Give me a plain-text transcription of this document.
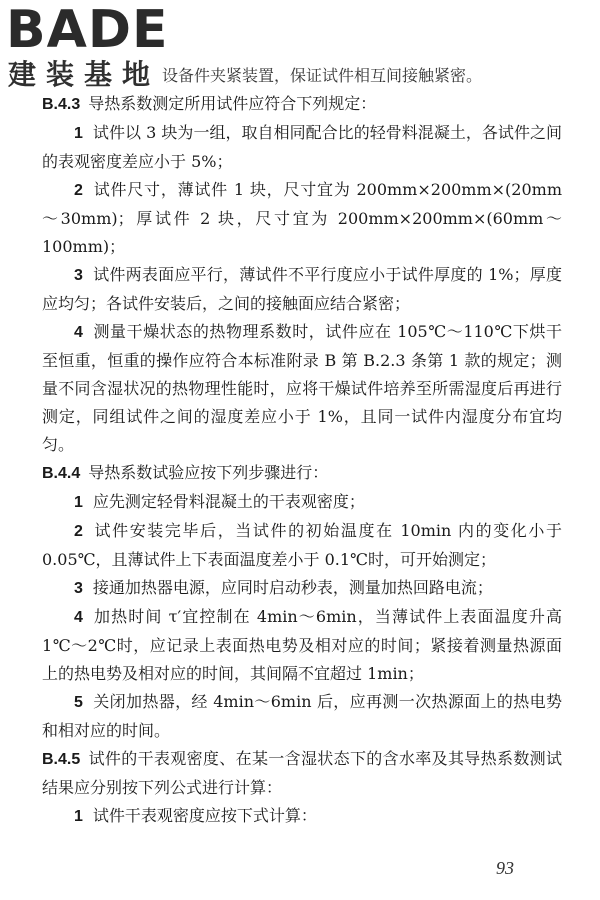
BADE
建装基地 设备件夹紧装置，保证试件相互间接触紧密。

B.4.3 导热系数测定所用试件应符合下列规定：

1 试件以 3 块为一组，取自相同配合比的轻骨料混凝土，各试件之间的表观密度差应小于 5%；

2 试件尺寸，薄试件 1 块，尺寸宜为 200mm×200mm×(20mm～30mm)；厚试件 2 块，尺寸宜为 200mm×200mm×(60mm～100mm)；

3 试件两表面应平行，薄试件不平行度应小于试件厚度的 1%；厚度应均匀；各试件安装后，之间的接触面应结合紧密；

4 测量干燥状态的热物理系数时，试件应在 105℃～110℃下烘干至恒重，恒重的操作应符合本标准附录 B 第 B.2.3 条第 1 款的规定；测量不同含湿状况的热物理性能时，应将干燥试件培养至所需湿度后再进行测定，同组试件之间的湿度差应小于 1%，且同一试件内湿度分布宜均匀。

B.4.4 导热系数试验应按下列步骤进行：

1 应先测定轻骨料混凝土的干表观密度；

2 试件安装完毕后，当试件的初始温度在 10min 内的变化小于 0.05℃，且薄试件上下表面温度差小于 0.1℃时，可开始测定；

3 接通加热器电源，应同时启动秒表，测量加热回路电流；

4 加热时间 τ′宜控制在 4min～6min，当薄试件上表面温度升高 1℃～2℃时，应记录上表面热电势及相对应的时间；紧接着测量热源面上的热电势及相对应的时间，其间隔不宜超过 1min；

5 关闭加热器，经 4min～6min 后，应再测一次热源面上的热电势和相对应的时间。

B.4.5 试件的干表观密度、在某一含湿状态下的含水率及其导热系数测试结果应分别按下列公式进行计算：

1 试件干表观密度应按下式计算：

93
